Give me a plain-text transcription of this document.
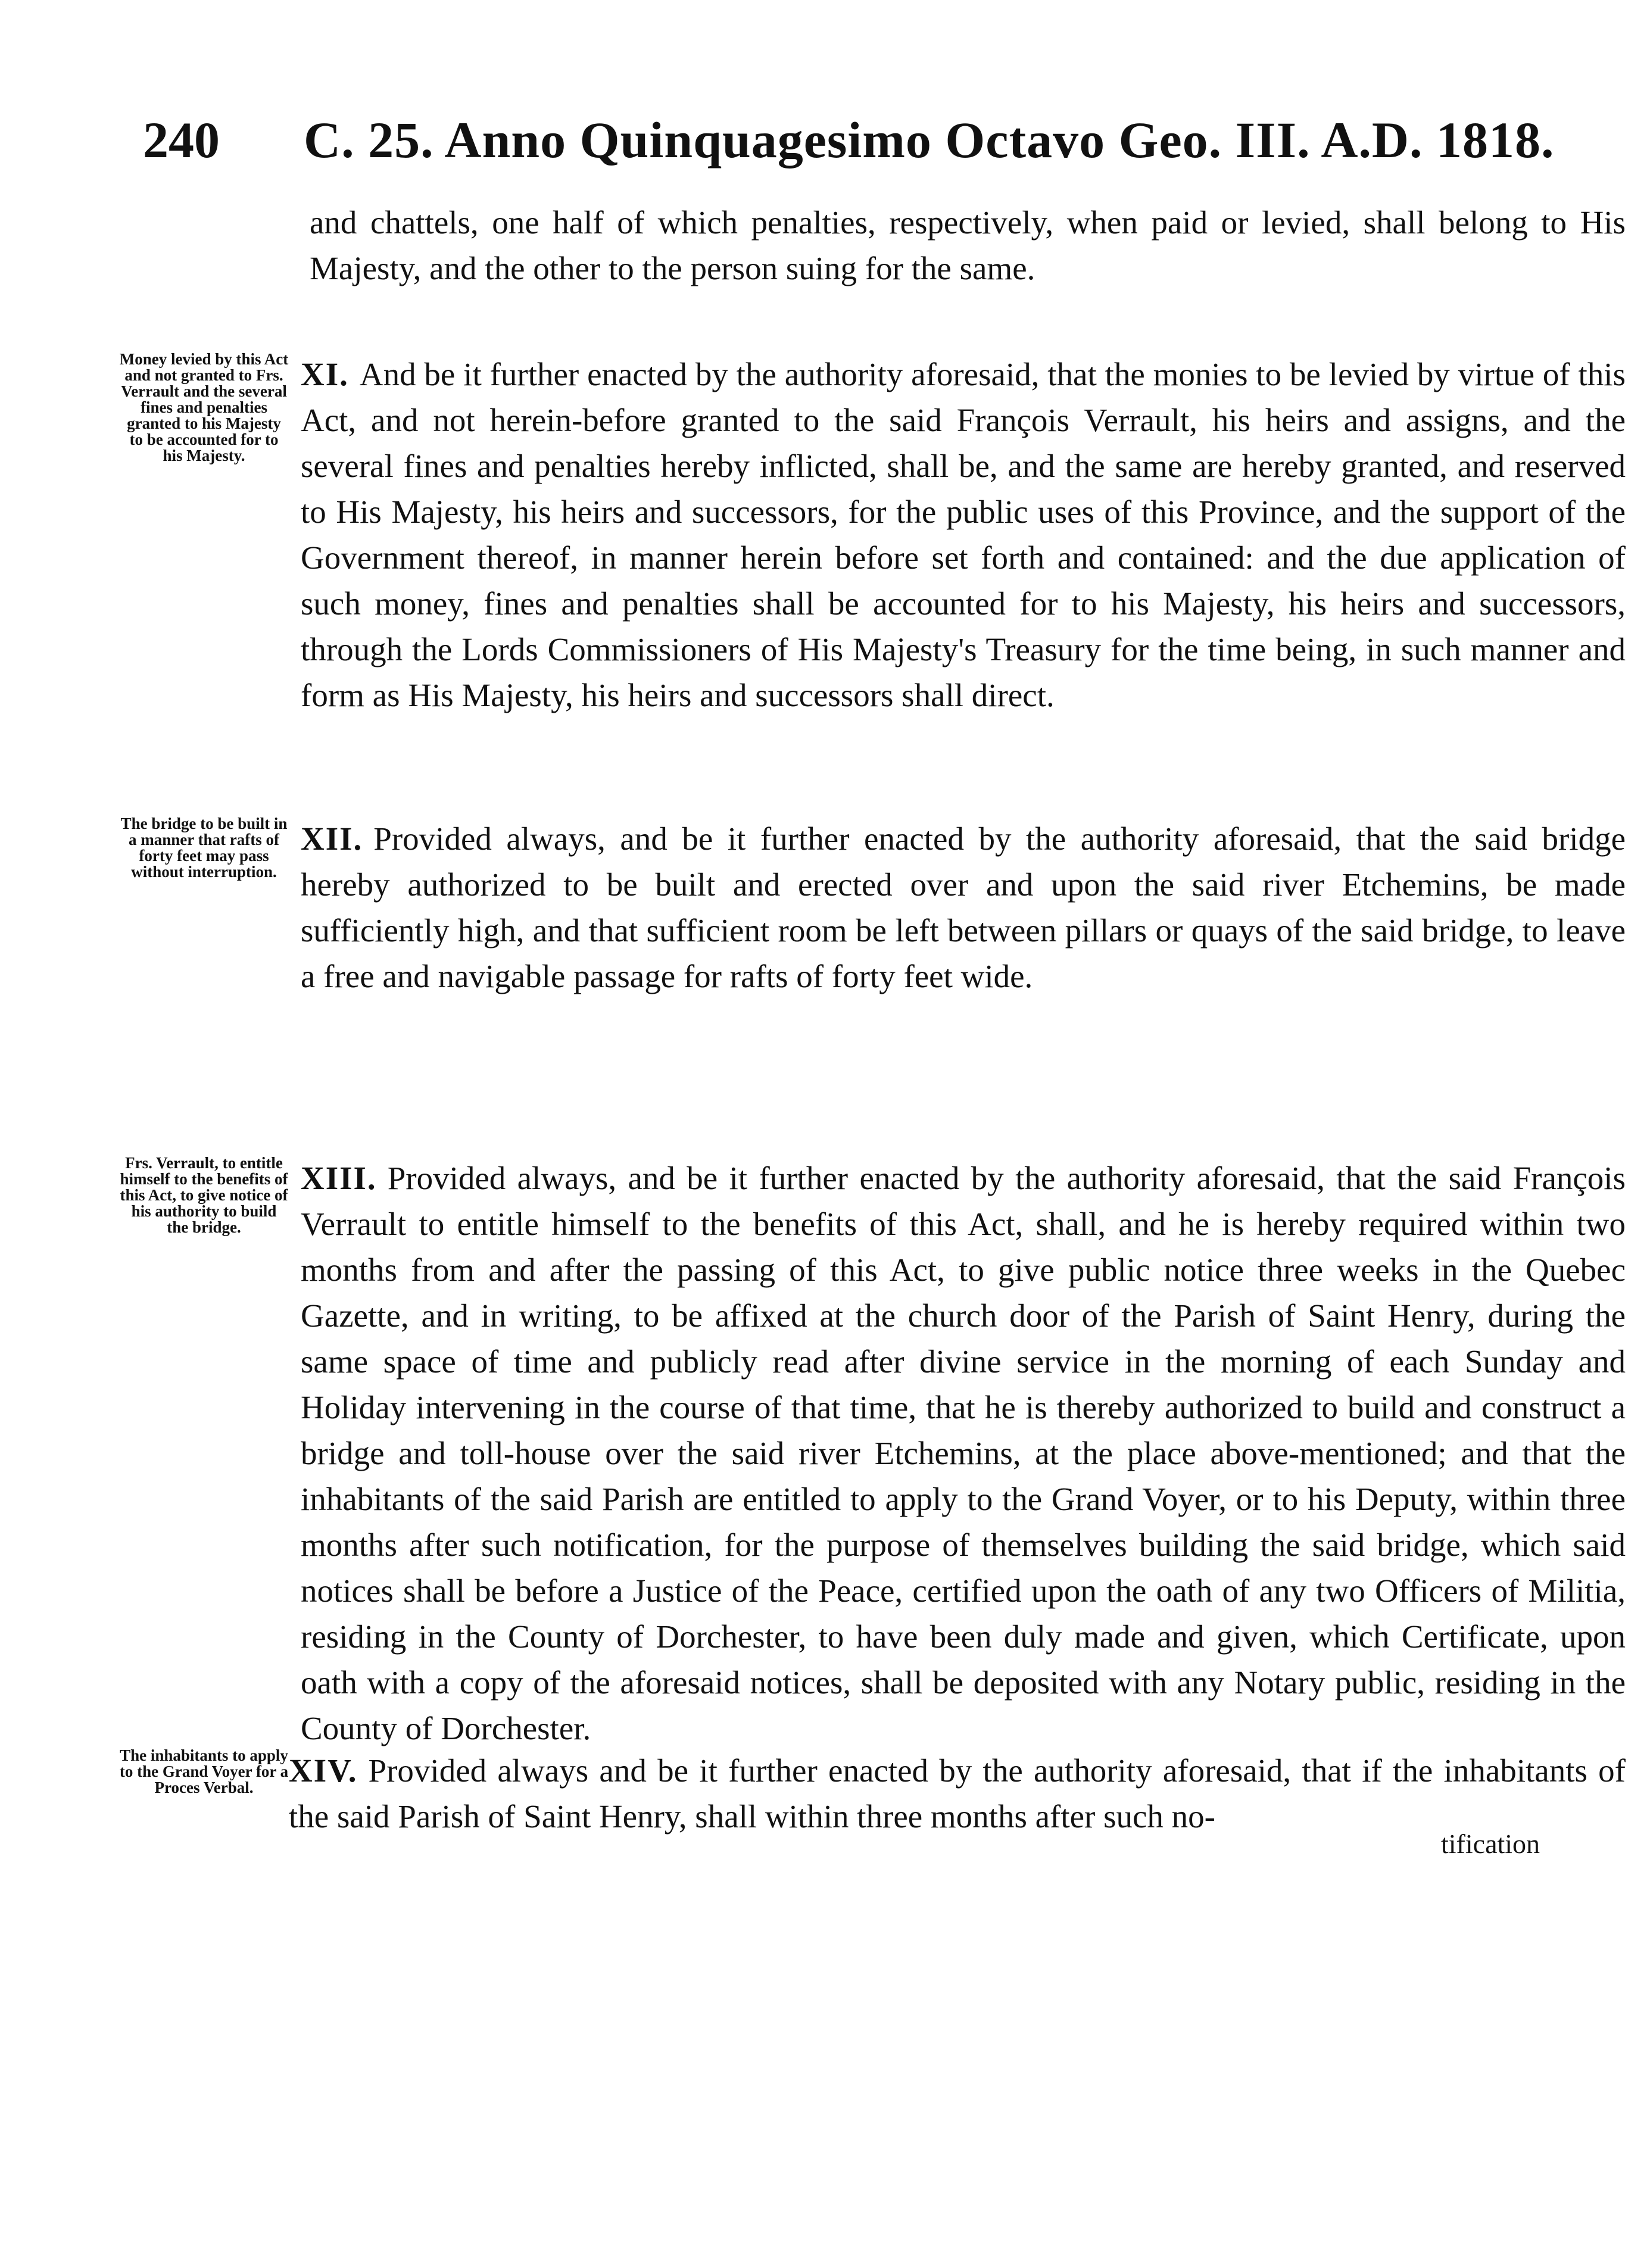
240 C. 25. Anno Quinquagesimo Octavo Geo. III. A.D. 1818.
and chattels, one half of which penalties, respectively, when paid or levied, shall belong to His Majesty, and the other to the person suing for the same.
Money levied by this Act and not granted to Frs. Verrault and the several fines and penalties granted to his Majesty to be accounted for to his Majesty.
XI. And be it further enacted by the authority aforesaid, that the monies to be levied by virtue of this Act, and not herein-before granted to the said François Verrault, his heirs and assigns, and the several fines and penalties hereby inflicted, shall be, and the same are hereby granted, and reserved to His Majesty, his heirs and successors, for the public uses of this Province, and the support of the Government thereof, in manner herein before set forth and contained: and the due application of such money, fines and penalties shall be accounted for to his Majesty, his heirs and successors, through the Lords Commissioners of His Majesty's Treasury for the time being, in such manner and form as His Majesty, his heirs and successors shall direct.
The bridge to be built in a manner that rafts of forty feet may pass without interruption.
XII. Provided always, and be it further enacted by the authority aforesaid, that the said bridge hereby authorized to be built and erected over and upon the said river Etchemins, be made sufficiently high, and that sufficient room be left between pillars or quays of the said bridge, to leave a free and navigable passage for rafts of forty feet wide.
Frs. Verrault, to entitle himself to the benefits of this Act, to give notice of his authority to build the bridge.
XIII. Provided always, and be it further enacted by the authority aforesaid, that the said François Verrault to entitle himself to the benefits of this Act, shall, and he is hereby required within two months from and after the passing of this Act, to give public notice three weeks in the Quebec Gazette, and in writing, to be affixed at the church door of the Parish of Saint Henry, during the same space of time and publicly read after divine service in the morning of each Sunday and Holiday intervening in the course of that time, that he is thereby authorized to build and construct a bridge and toll-house over the said river Etchemins, at the place above-mentioned; and that the inhabitants of the said Parish are entitled to apply to the Grand Voyer, or to his Deputy, within three months after such notification, for the purpose of themselves building the said bridge, which said notices shall be before a Justice of the Peace, certified upon the oath of any two Officers of Militia, residing in the County of Dorchester, to have been duly made and given, which Certificate, upon oath with a copy of the aforesaid notices, shall be deposited with any Notary public, residing in the County of Dorchester.
The inhabitants to apply to the Grand Voyer for a Proces Verbal.	XIV. Provided always and be it further enacted by the authority aforesaid, that if the inhabitants of the said Parish of Saint Henry, shall within three months after such no-
tification
